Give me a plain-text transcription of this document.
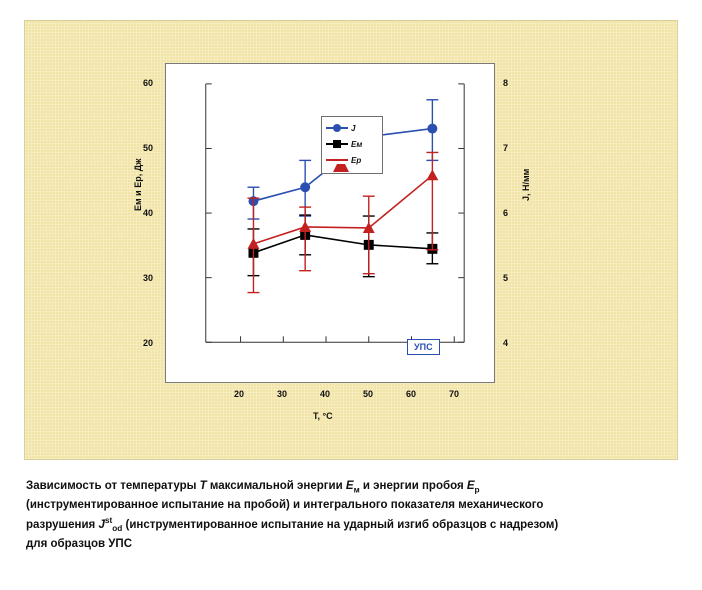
J
Eм
Eр
60
50
40
30
20
8
7
6
5
4
20	30	40	50	60	70
Eм и Eр, Дж	J, Н/мм
T, °C
УПС
Зависимость от температуры T максимальной энергии $E_м$ и энергии пробоя $E_р$
(инструментированное испытание на пробой) и интегрального показателя механического
разрушения $J^{st}_{od}$ (инструментированное испытание на ударный изгиб образцов с надрезом)
для образцов УПС
